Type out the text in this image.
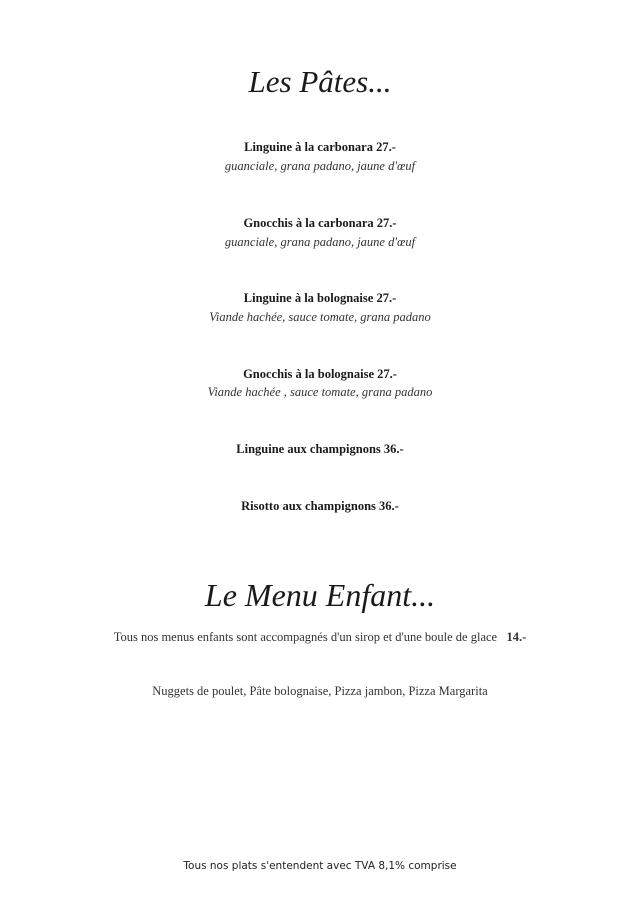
Les Pâtes...
Linguine à la carbonara 27.-
guanciale, grana padano, jaune d'œuf
Gnocchis à la carbonara 27.-
guanciale, grana padano, jaune d'œuf
Linguine à la bolognaise 27.-
Viande hachée, sauce tomate, grana padano
Gnocchis à la bolognaise 27.-
Viande hachée , sauce tomate, grana padano
Linguine aux champignons 36.-
Risotto aux champignons 36.-
Le Menu Enfant...
Tous nos menus enfants sont accompagnés d'un sirop et d'une boule de glace 14.-
Nuggets de poulet, Pâte bolognaise, Pizza jambon, Pizza Margarita
Tous nos plats s'entendent avec TVA 8,1% comprise
